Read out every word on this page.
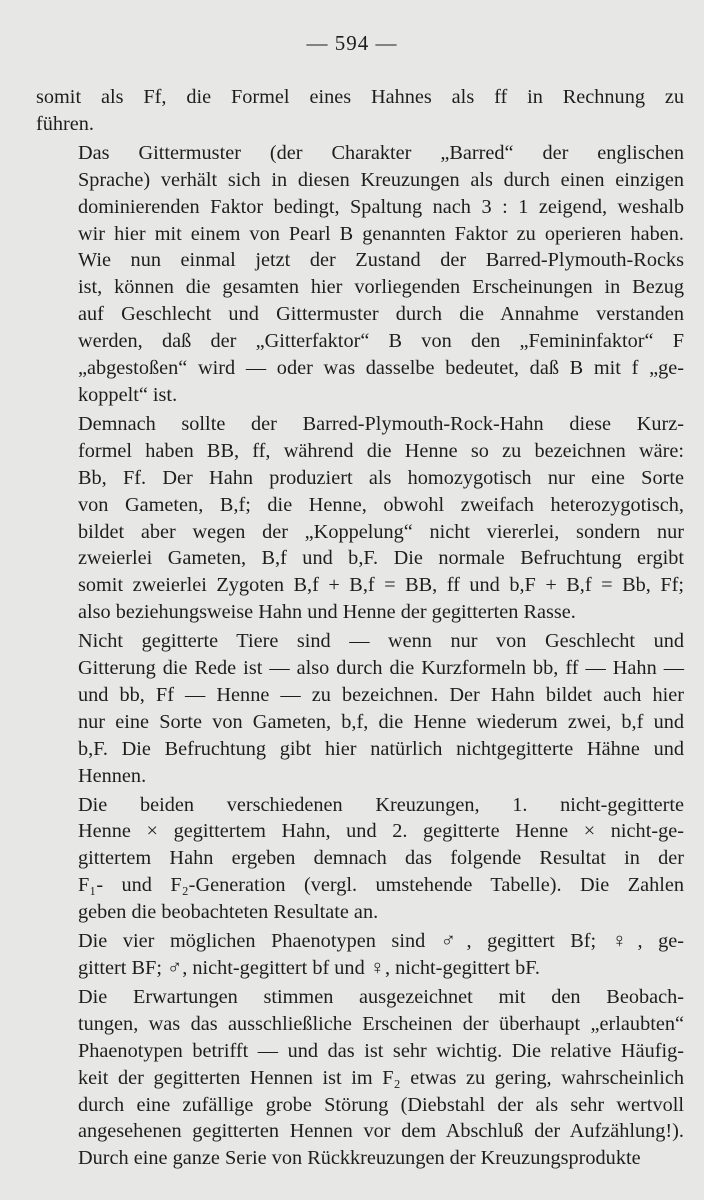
— 594 —

somit als Ff, die Formel eines Hahnes als ff in Rechnung zu
führen.

Das Gittermuster (der Charakter „Barred“ der englischen
Sprache) verhält sich in diesen Kreuzungen als durch einen einzigen
dominierenden Faktor bedingt, Spaltung nach 3 : 1 zeigend, weshalb
wir hier mit einem von Pearl B genannten Faktor zu operieren haben.
Wie nun einmal jetzt der Zustand der Barred-Plymouth-Rocks
ist, können die gesamten hier vorliegenden Erscheinungen in Bezug
auf Geschlecht und Gittermuster durch die Annahme verstanden
werden, daß der „Gitterfaktor“ B von den „Femininfaktor“ F
„abgestoßen“ wird — oder was dasselbe bedeutet, daß B mit f „ge-
koppelt“ ist.

Demnach sollte der Barred-Plymouth-Rock-Hahn diese Kurz-
formel haben BB, ff, während die Henne so zu bezeichnen wäre:
Bb, Ff. Der Hahn produziert als homozygotisch nur eine Sorte
von Gameten, B,f; die Henne, obwohl zweifach heterozygotisch,
bildet aber wegen der „Koppelung“ nicht viererlei, sondern nur
zweierlei Gameten, B,f und b,F. Die normale Befruchtung ergibt
somit zweierlei Zygoten B,f + B,f = BB, ff und b,F + B,f = Bb, Ff;
also beziehungsweise Hahn und Henne der gegitterten Rasse.

Nicht gegitterte Tiere sind — wenn nur von Geschlecht und
Gitterung die Rede ist — also durch die Kurzformeln bb, ff — Hahn —
und bb, Ff — Henne — zu bezeichnen. Der Hahn bildet auch hier
nur eine Sorte von Gameten, b,f, die Henne wiederum zwei, b,f und
b,F. Die Befruchtung gibt hier natürlich nichtgegitterte Hähne und
Hennen.

Die beiden verschiedenen Kreuzungen, 1. nicht-gegitterte
Henne × gegittertem Hahn, und 2. gegitterte Henne × nicht-ge-
gittertem Hahn ergeben demnach das folgende Resultat in der
F₁- und F₂-Generation (vergl. umstehende Tabelle). Die Zahlen
geben die beobachteten Resultate an.

Die vier möglichen Phaenotypen sind ♂, gegittert Bf; ♀, ge-
gittert BF; ♂, nicht-gegittert bf und ♀, nicht-gegittert bF.

Die Erwartungen stimmen ausgezeichnet mit den Beobach-
tungen, was das ausschließliche Erscheinen der überhaupt „erlaubten“
Phaenotypen betrifft — und das ist sehr wichtig. Die relative Häufig-
keit der gegitterten Hennen ist im F₂ etwas zu gering, wahrscheinlich
durch eine zufällige grobe Störung (Diebstahl der als sehr wertvoll
angesehenen gegitterten Hennen vor dem Abschluß der Aufzählung!).
Durch eine ganze Serie von Rückkreuzungen der Kreuzungsprodukte
